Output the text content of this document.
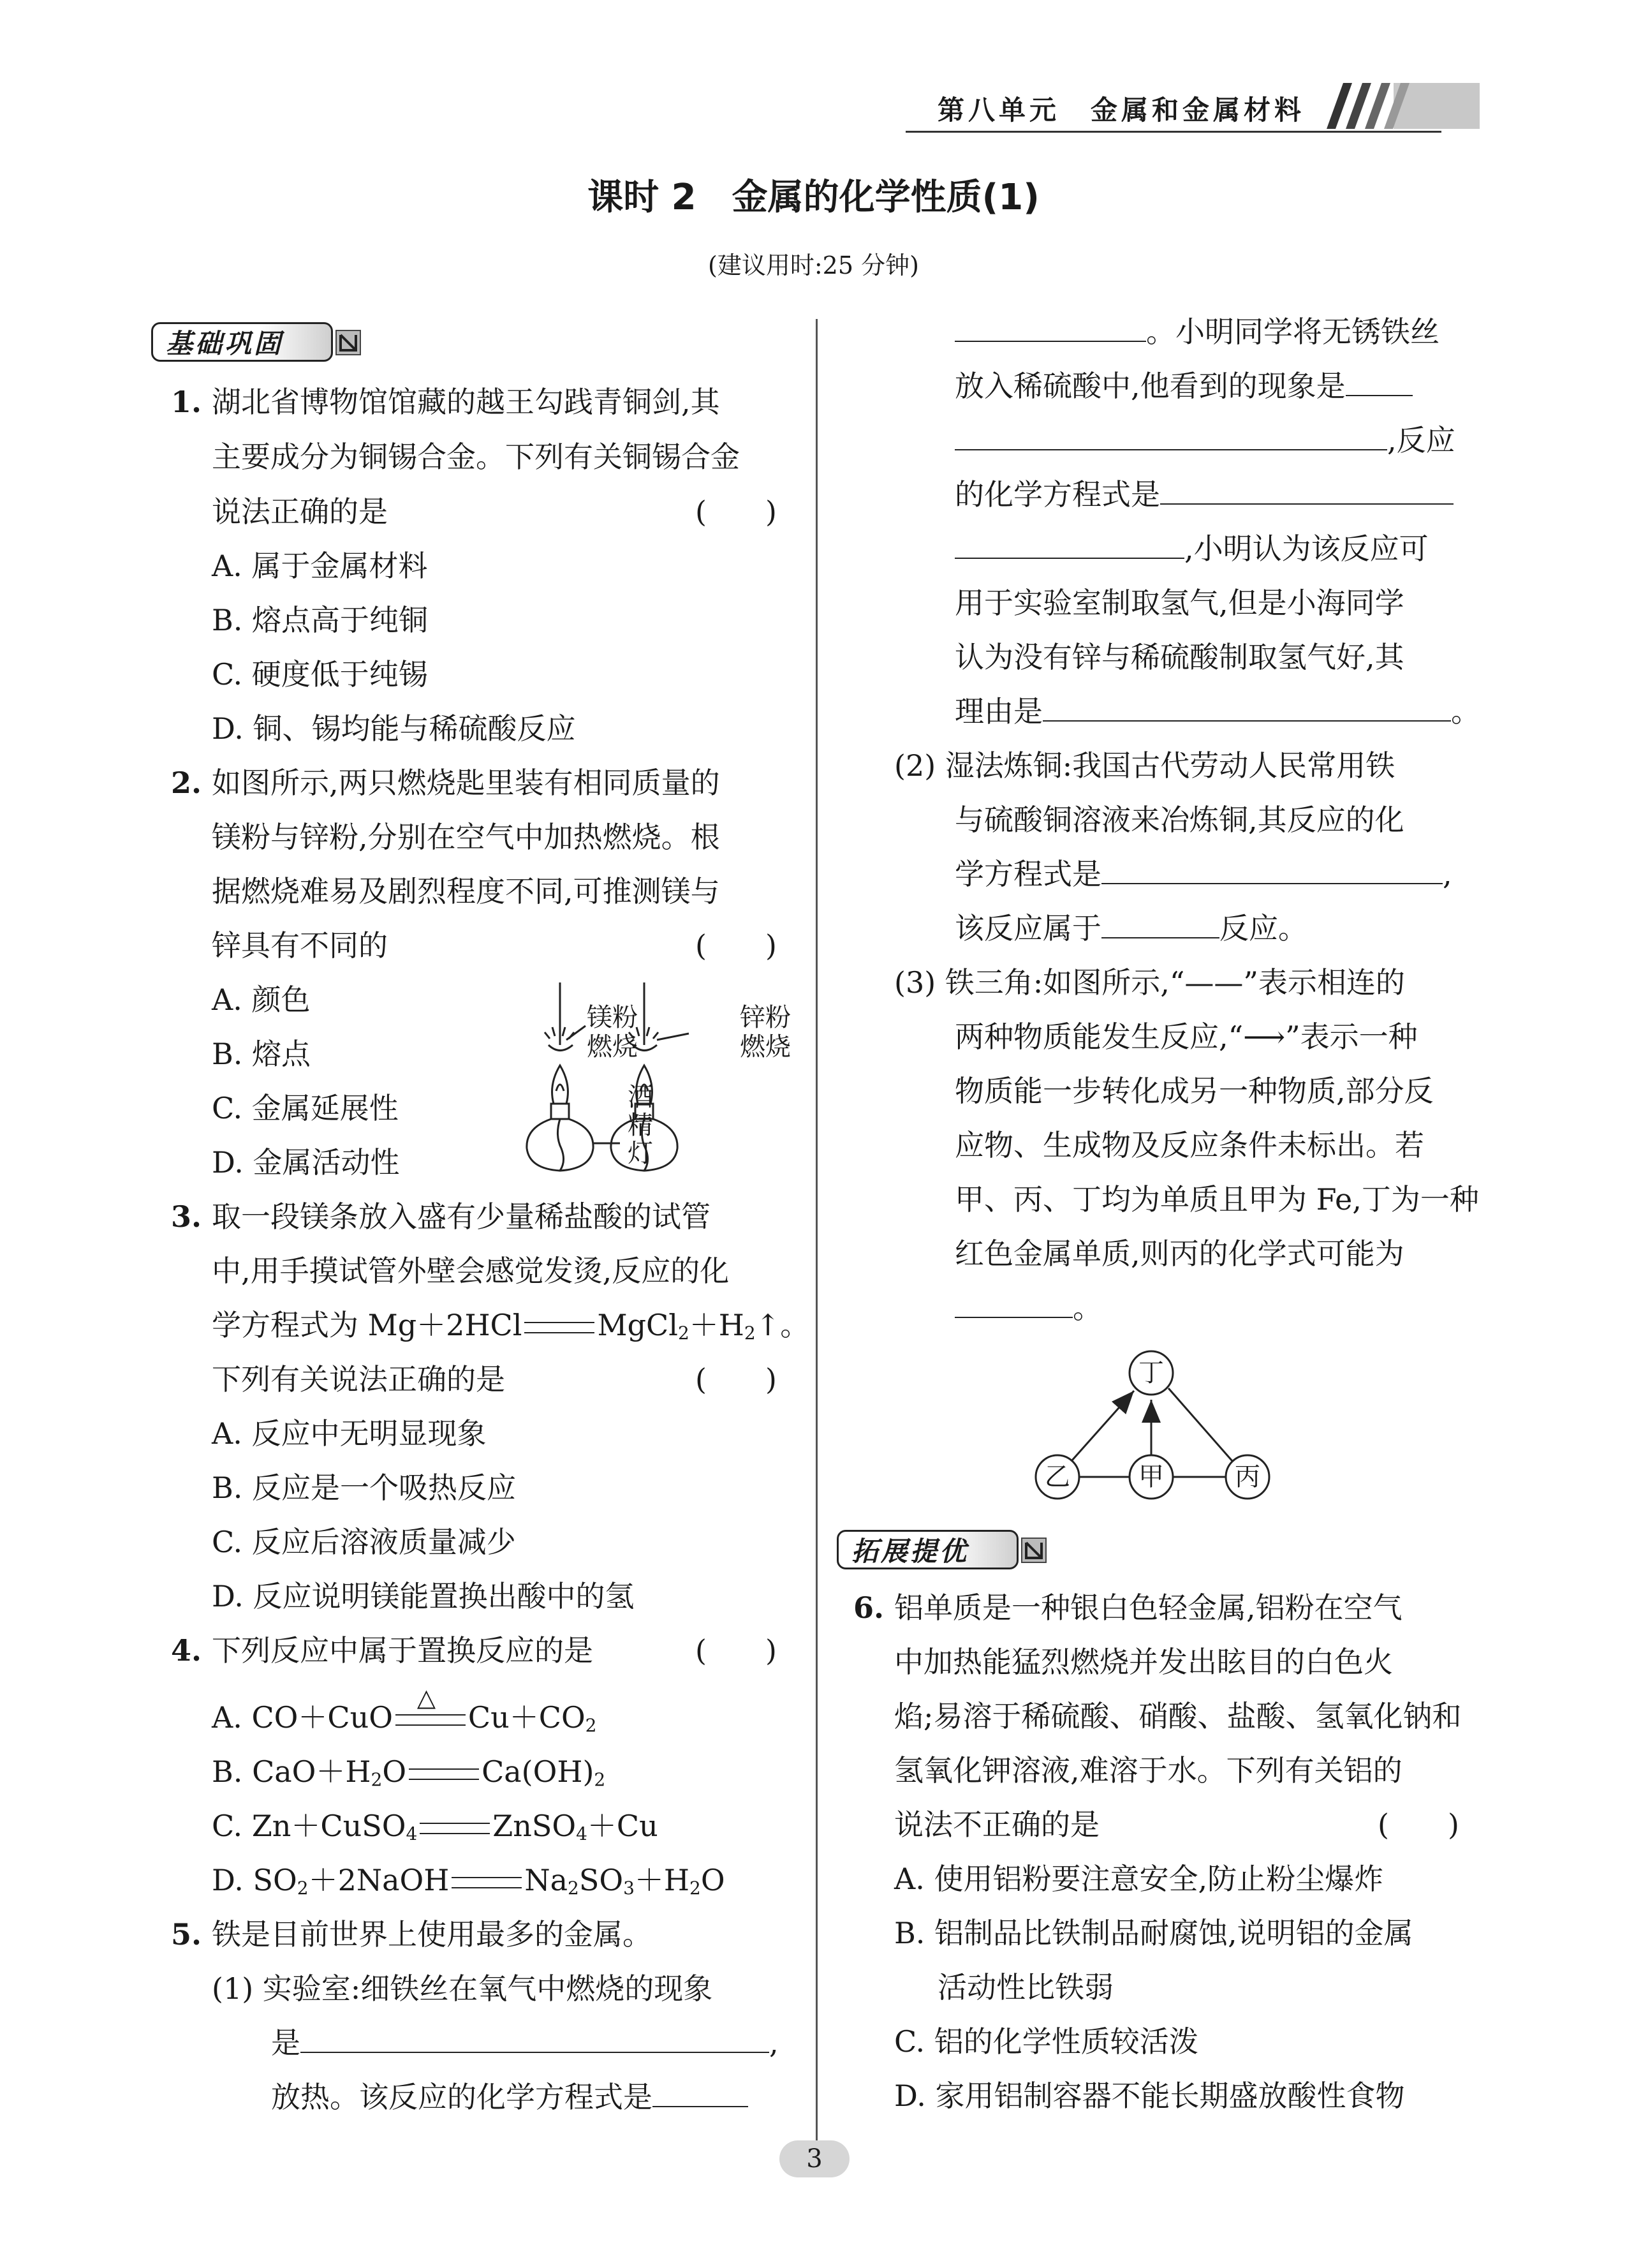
第八单元　金属和金属材料
课时 2　金属的化学性质(1)
(建议用时:25 分钟)
基础巩固
1. 湖北省博物馆馆藏的越王勾践青铜剑,其
主要成分为铜锡合金。下列有关铜锡合金
说法正确的是	(　　)
A. 属于金属材料
B. 熔点高于纯铜
C. 硬度低于纯锡
D. 铜、锡均能与稀硫酸反应
2. 如图所示,两只燃烧匙里装有相同质量的
镁粉与锌粉,分别在空气中加热燃烧。根
据燃烧难易及剧烈程度不同,可推测镁与
锌具有不同的	(　　)
A. 颜色
B. 熔点
C. 金属延展性
D. 金属活动性
镁粉
燃烧
锌粉
燃烧
酒
精
灯
3. 取一段镁条放入盛有少量稀盐酸的试管
中,用手摸试管外壁会感觉发烫,反应的化
学方程式为 Mg＋2HCl	$MgCl_2+H_2↑$。
下列有关说法正确的是	(　　)
A. 反应中无明显现象
B. 反应是一个吸热反应
C. 反应后溶液质量减少
D. 反应说明镁能置换出酸中的氢
4. 下列反应中属于置换反应的是	(　　)
A. CO＋CuO
△
$Cu+CO_2$
B. $CaO+H_2O$	$Ca(OH)_2$
C. Zn＋CuSO$_4$	ZnSO$_4$＋Cu
D. $SO_2+2NaOH$	$Na_2SO_3+H_2O$
5. 铁是目前世界上使用最多的金属。
(1) 实验室:细铁丝在氧气中燃烧的现象
是	,
放热。该反应的化学方程式是
。小明同学将无锈铁丝
放入稀硫酸中,他看到的现象是
,反应
的化学方程式是
,小明认为该反应可
用于实验室制取氢气,但是小海同学
认为没有锌与稀硫酸制取氢气好,其
理由是	。
(2) 湿法炼铜:我国古代劳动人民常用铁
与硫酸铜溶液来冶炼铜,其反应的化
学方程式是	,
该反应属于	反应。
(3) 铁三角:如图所示,“——”表示相连的
两种物质能发生反应,“⟶”表示一种
物质能一步转化成另一种物质,部分反
应物、生成物及反应条件未标出。若
甲、丙、丁均为单质且甲为 Fe,丁为一种
红色金属单质,则丙的化学式可能为
。
丁
乙	甲	丙
拓展提优
6. 铝单质是一种银白色轻金属,铝粉在空气
中加热能猛烈燃烧并发出眩目的白色火
焰;易溶于稀硫酸、硝酸、盐酸、氢氧化钠和
氢氧化钾溶液,难溶于水。下列有关铝的
说法不正确的是	(　　)
A. 使用铝粉要注意安全,防止粉尘爆炸
B. 铝制品比铁制品耐腐蚀,说明铝的金属
活动性比铁弱
C. 铝的化学性质较活泼
D. 家用铝制容器不能长期盛放酸性食物
3
